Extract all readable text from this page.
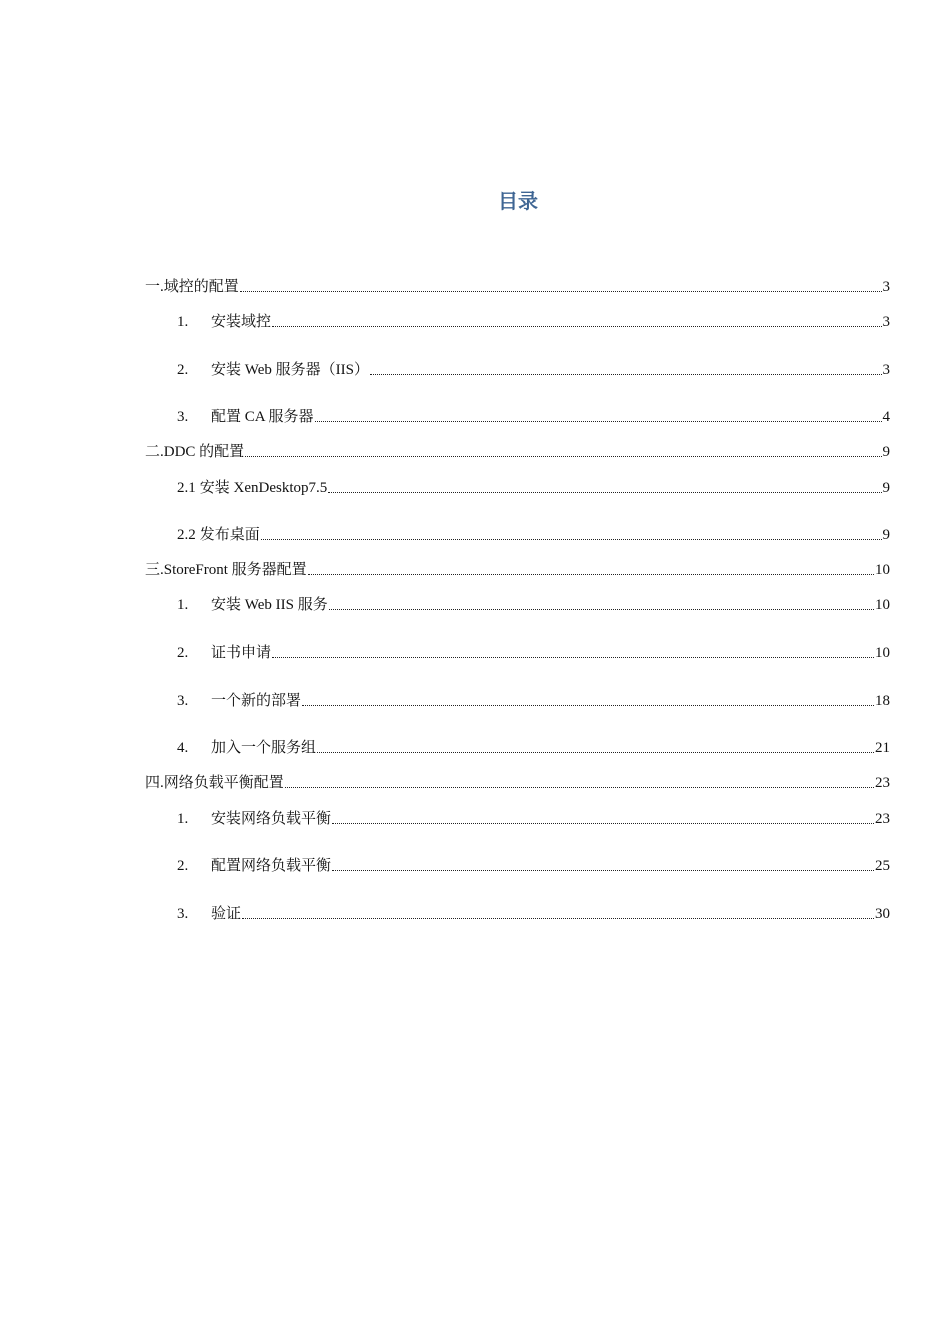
目录
一. 域控的配置	3
1.	安装域控	3
2.	安装 Web 服务器（IIS）	3
3.	配置 CA 服务器	4
二. DDC 的配置	9
2.1 安装 XenDesktop7.5	9
2.2 发布桌面	9
三. StoreFront 服务器配置	10
1.	安装 Web IIS 服务	10
2.	证书申请	10
3.	一个新的部署	18
4.	加入一个服务组	21
四. 网络负载平衡配置	23
1.	安装网络负载平衡	23
2.	配置网络负载平衡	25
3.	验证	30
